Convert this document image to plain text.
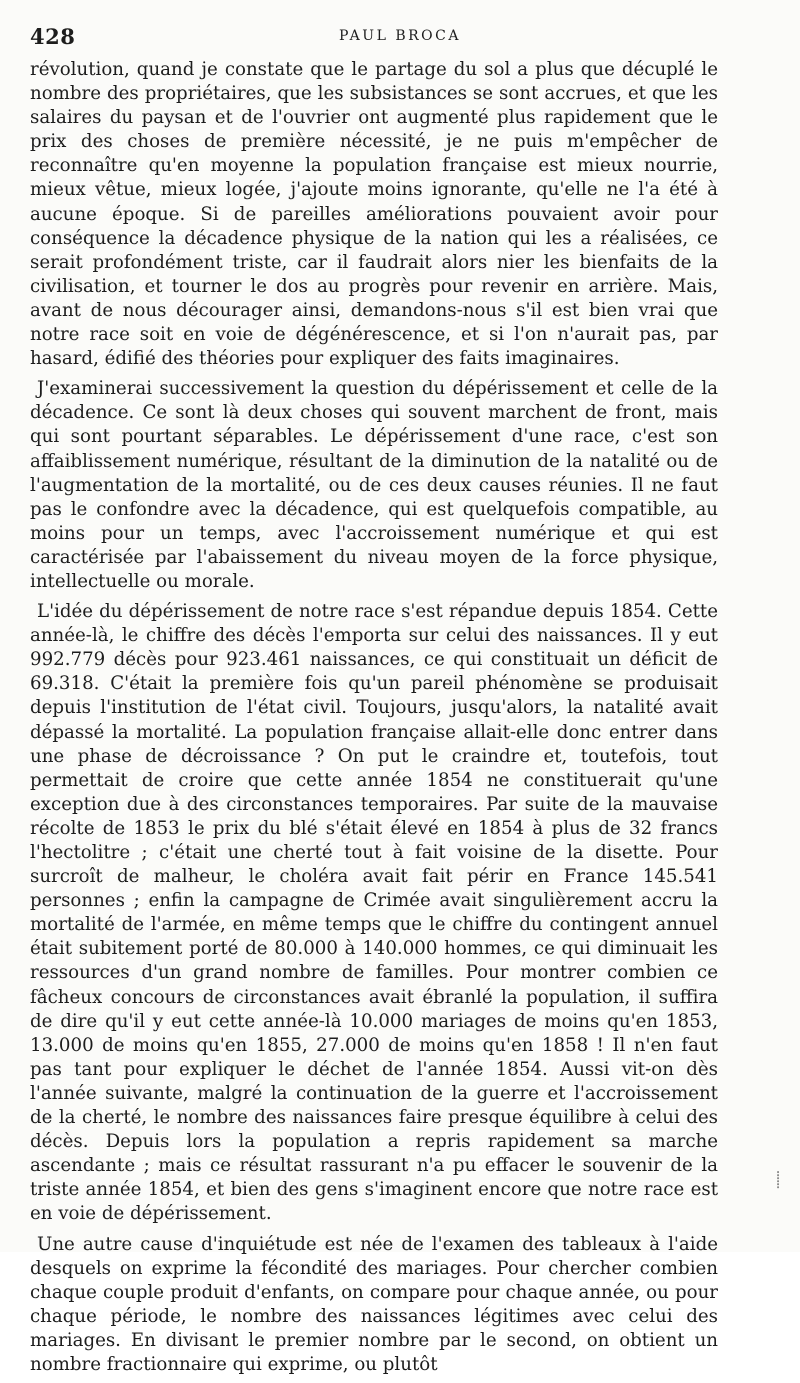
428	PAUL BROCA

révolution, quand je constate que le partage du sol a plus que décuplé le nombre des propriétaires, que les subsistances se sont accrues, et que les salaires du paysan et de l'ouvrier ont augmenté plus rapidement que le prix des choses de première nécessité, je ne puis m'empêcher de reconnaître qu'en moyenne la population française est mieux nourrie, mieux vêtue, mieux logée, j'ajoute moins ignorante, qu'elle ne l'a été à aucune époque. Si de pareilles améliorations pouvaient avoir pour conséquence la décadence physique de la nation qui les a réalisées, ce serait profondément triste, car il faudrait alors nier les bienfaits de la civilisation, et tourner le dos au progrès pour revenir en arrière. Mais, avant de nous décourager ainsi, demandons-nous s'il est bien vrai que notre race soit en voie de dégénérescence, et si l'on n'aurait pas, par hasard, édifié des théories pour expliquer des faits imaginaires.

J'examinerai successivement la question du dépérissement et celle de la décadence. Ce sont là deux choses qui souvent marchent de front, mais qui sont pourtant séparables. Le dépérissement d'une race, c'est son affaiblissement numérique, résultant de la diminution de la natalité ou de l'augmentation de la mortalité, ou de ces deux causes réunies. Il ne faut pas le confondre avec la décadence, qui est quelquefois compatible, au moins pour un temps, avec l'accroissement numérique et qui est caractérisée par l'abaissement du niveau moyen de la force physique, intellectuelle ou morale.

L'idée du dépérissement de notre race s'est répandue depuis 1854. Cette année-là, le chiffre des décès l'emporta sur celui des naissances. Il y eut 992.779 décès pour 923.461 naissances, ce qui constituait un déficit de 69.318. C'était la première fois qu'un pareil phénomène se produisait depuis l'institution de l'état civil. Toujours, jusqu'alors, la natalité avait dépassé la mortalité. La population française allait-elle donc entrer dans une phase de décroissance ? On put le craindre et, toutefois, tout permettait de croire que cette année 1854 ne constituerait qu'une exception due à des circonstances temporaires. Par suite de la mauvaise récolte de 1853 le prix du blé s'était élevé en 1854 à plus de 32 francs l'hectolitre ; c'était une cherté tout à fait voisine de la disette. Pour surcroît de malheur, le choléra avait fait périr en France 145.541 personnes ; enfin la campagne de Crimée avait singulièrement accru la mortalité de l'armée, en même temps que le chiffre du contingent annuel était subitement porté de 80.000 à 140.000 hommes, ce qui diminuait les ressources d'un grand nombre de familles. Pour montrer combien ce fâcheux concours de circonstances avait ébranlé la population, il suffira de dire qu'il y eut cette année-là 10.000 mariages de moins qu'en 1853, 13.000 de moins qu'en 1855, 27.000 de moins qu'en 1858 ! Il n'en faut pas tant pour expliquer le déchet de l'année 1854. Aussi vit-on dès l'année suivante, malgré la continuation de la guerre et l'accroissement de la cherté, le nombre des naissances faire presque équilibre à celui des décès. Depuis lors la population a repris rapidement sa marche ascendante ; mais ce résultat rassurant n'a pu effacer le souvenir de la triste année 1854, et bien des gens s'imaginent encore que notre race est en voie de dépérissement.

Une autre cause d'inquiétude est née de l'examen des tableaux à l'aide desquels on exprime la fécondité des mariages. Pour chercher combien chaque couple produit d'enfants, on compare pour chaque année, ou pour chaque période, le nombre des naissances légitimes avec celui des mariages. En divisant le premier nombre par le second, on obtient un nombre fractionnaire qui exprime, ou plutôt

⸽
